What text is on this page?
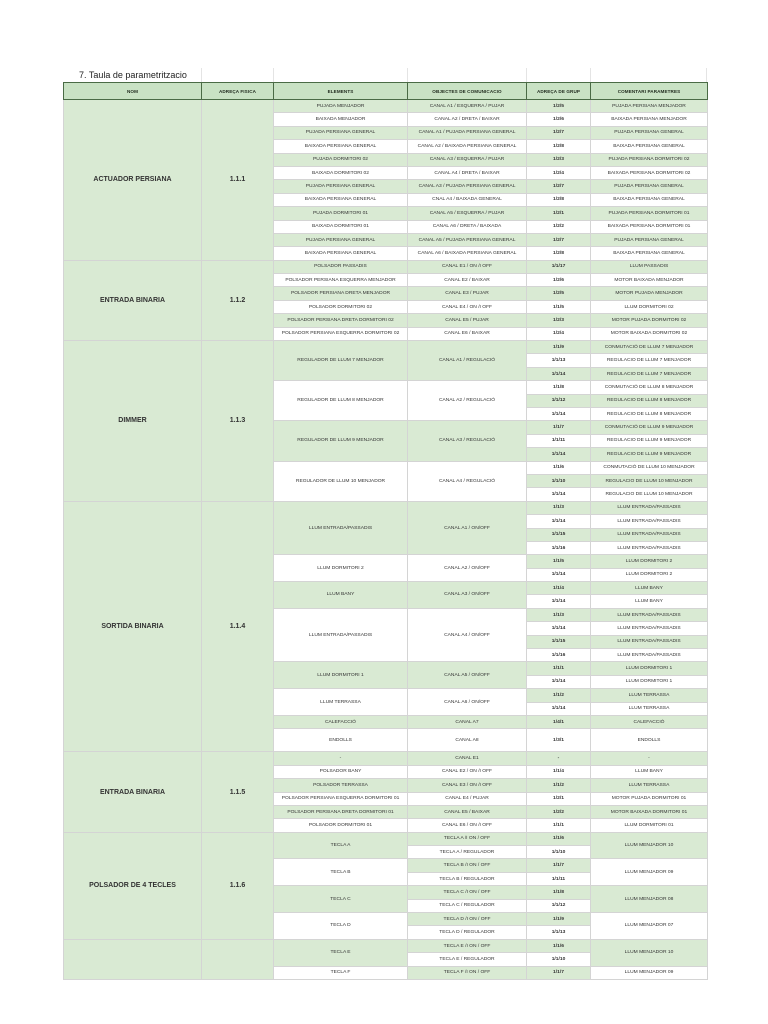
7. Taula de parametritzacio
NOM	ADREÇA FISICA	ELEMENTS	OBJECTES DE COMUNICACIO	ADREÇA DE GRUP	COMENTARI PARAMETRES
ACTUADOR PERSIANA	1.1.1	PUJADA MENJADOR	CANAL A1 / ESQUERRA / PUJAR	1/2/5	PUJADA PERSIANA MENJADOR
		BAIXADA MENJADOR	CANAL A2 / DRETA / BAIXAR	1/2/6	BAIXADA PERSIANA MENJADOR
		PUJADA PERSIANA GENERAL	CANAL A1 / PUJADA PERSIANA GENERAL	1/2/7	PUJADA PERSIANA GENERAL
		BAIXADA PERSIANA GENERAL	CANAL A2 / BAIXADA PERSIANA GENERAL	1/2/8	BAIXADA PERSIANA GENERAL
		PUJADA DORMITORI 02	CANAL A3 / ESQUERRA / PUJAR	1/2/3	PUJADA PERSIANA DORMITORI 02
		BAIXADA DORMITORI 02	CANAL A4 / DRETA / BAIXAR	1/2/4	BAIXADA PERSIANA DORMITORI 02
		PUJADA PERSIANA GENERAL	CANAL A3 / PUJADA PERSIANA GENERAL	1/2/7	PUJADA PERSIANA GENERAL
		BAIXADA PERSIANA GENERAL	CNAL A4 / BAIXADA GENERAL	1/2/8	BAIXADA PERSIANA GENERAL
		PUJADA DORMITORI 01	CANAL A5 / ESQUERRA / PUJAR	1/2/1	PUJADA PERSIANA DORMITORI 01
		BAIXADA DORMITORI 01	CANAL A6 / DRETA / BAIXADA	1/2/2	BAIXADA PERSIANA DORMITORI 01
		PUJADA PERSIANA GENERAL	CANAL A5 / PUJADA PERSIANA GENERAL	1/2/7	PUJADA PERSIANA GENERAL
		BAIXADA PERSIANA GENERAL	CANAL A6 / BAIXADA PERSIANA GENERAL	1/2/8	BAIXADA PERSIANA GENERAL
ENTRADA BINARIA	1.1.2	POLSADOR PASSADIS	CANAL E1 / ON /I OFF	1/1/17	LLUM PASSADIS
		POLSADOR PERSIANA ESQUERRA MENJADOR	CANAL E2 / BAIXAR	1/2/6	MOTOR BAIXADA MENJADOR
		POLSADOR PERSIANA DRETA MENJADOR	CANAL E3 / PUJAR	1/2/5	MOTOR PUJADA MENJADOR
		POLSADOR DORMITORI 02	CANAL E4 / ON /I OFF	1/1/5	LLUM DORMITORI 02
		POLSADOR PERSIANA DRETA DORMITORI 02	CANAL E5 / PUJAR	1/2/3	MOTOR PUJADA DORMITORI 02
		POLSADOR PERSIANA ESQUERRA DORMITORI 02	CANAL E6 / BAIXAR	1/2/4	MOTOR BAIXADA DORMITORI 02
DIMMER	1.1.3	REGULADOR DE LLUM 7 MENJADOR	CANAL A1 / REGULACIÓ	1/1/9	CONMUTACIÓ DE LLUM 7 MENJADOR
				1/1/13	REGULACIO DE LLUM 7 MENJADOR
				1/1/14	REGULACIO DE LLUM 7 MENJADOR
		REGULADOR DE LLUM 8 MENJADOR	CANAL A2 / REGULACIÓ	1/1/8	CONMUTACIÓ DE LLUM 8 MENJADOR
				1/1/12	REGULACIO DE LLUM 8 MENJADOR
				1/1/14	REGULACIO DE LLUM 8 MENJADOR
		REGULADOR DE LLUM 9 MENJADOR	CANAL A3 / REGULACIÓ	1/1/7	CONMUTACIÓ DE LLUM 9 MENJADOR
				1/1/11	REGULACIO DE LLUM 9 MENJADOR
				1/1/14	REGULACIO DE LLUM 9 MENJADOR
		REGULADOR DE LLUM 10 MENJADOR	CANAL A4 / REGULACIÓ	1/1/6	CONMUTACIÓ DE LLUM 10 MENJADOR
				1/1/10	REGULACIO DE LLUM 10 MENJADOR
				1/1/14	REGULACIO DE LLUM 10 MENJADOR
SORTIDA BINARIA	1.1.4	LLUM ENTRADA/PASSADIS	CANAL A1 / ON/OFF	1/1/3	LLUM ENTRADA/PASSADIS
				1/1/14	LLUM ENTRADA/PASSADIS
				1/1/15	LLUM ENTRADA/PASSADIS
				1/1/16	LLUM ENTRADA/PASSADIS
		LLUM DORMITORI 2	CANAL A2 / ON/OFF	1/1/5	LLUM DORMITORI 2
				1/1/14	LLUM DORMITORI 2
		LLUM BANY	CANAL A3 / ON/OFF	1/1/4	LLUM BANY
				1/1/14	LLUM BANY
		LLUM ENTRADA/PASSADIS	CANAL A4 / ON/OFF	1/1/3	LLUM ENTRADA/PASSADIS
				1/1/14	LLUM ENTRADA/PASSADIS
				1/1/15	LLUM ENTRADA/PASSADIS
				1/1/16	LLUM ENTRADA/PASSADIS
		LLUM DORMITORI 1	CANAL A5 / ON/OFF	1/1/1	LLUM DORMITORI 1
				1/1/14	LLUM DORMITORI 1
		LLUM TERRASSA	CANAL A6 / ON/OFF	1/1/2	LLUM TERRASSA
				1/1/14	LLUM TERRASSA
		CALEFACCIÓ	CANAL A7	1/4/1	CALEFACCIÓ
		ENDOLLS	CANAL A8	1/3/1	ENDOLLS
ENTRADA BINARIA	1.1.5	-	CANAL E1	-	-
		POLSADOR BANY	CANAL E2 / ON /I OFF	1/1/4	LLUM BANY
		POLSADOR TERRASSA	CANAL E3 / ON /I OFF	1/1/2	LLUM TERRASSA
		POLSADOR PERSIANA ESQUERRA DORMITORI 01	CANAL E4 / PUJAR	1/2/1	MOTOR PUJADA DORMITORI 01
		POLSADOR PERSIANA DRETA DORMITORI 01	CANAL E5 / BAIXAR	1/2/2	MOTOR BAIXADA DORMITORI 01
		POLSADOR DORMITORI 01	CANAL E6 / ON /I OFF	1/1/1	LLUM DORMITORI 01
POLSADOR DE 4 TECLES	1.1.6	TECLA A	TECLA A /I ON / OFF	1/1/6	LLUM MENJADOR 10
			TECLA A / REGULADOR	1/1/10	
		TECLA B	TECLA B /I ON / OFF	1/1/7	LLUM MENJADOR 09
			TECLA B / REGULADOR	1/1/11	
		TECLA C	TECLA C /I ON / OFF	1/1/8	LLUM MENJADOR 08
			TECLA C / REGULADOR	1/1/12	
		TECLA D	TECLA D /I ON / OFF	1/1/9	LLUM MENJADOR 07
			TECLA D / REGULADOR	1/1/13	
		TECLA E	TECLA E /I ON / OFF	1/1/6	LLUM MENJADOR 10
			TECLA E / REGULADOR	1/1/10	
		TECLA F	TECLA F /I ON / OFF	1/1/7	LLUM MENJADOR 09
